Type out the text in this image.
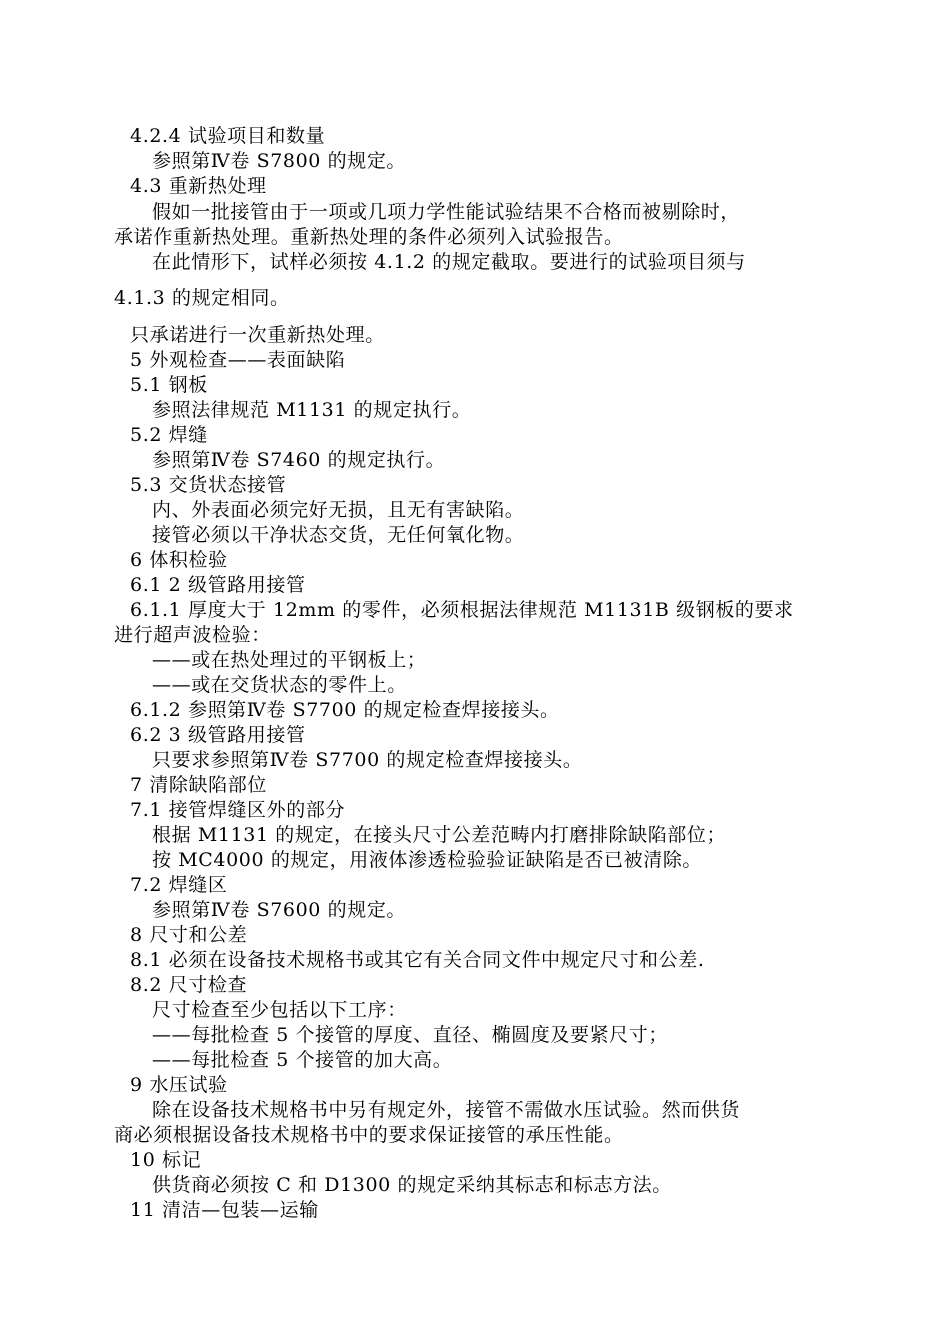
4.2.4 试验项目和数量
参照第Ⅳ卷 S7800 的规定。
4.3 重新热处理
假如一批接管由于一项或几项力学性能试验结果不合格而被剔除时，
承诺作重新热处理。重新热处理的条件必须列入试验报告。
在此情形下，试样必须按 4.1.2 的规定截取。要进行的试验项目须与
4.1.3 的规定相同。
只承诺进行一次重新热处理。
5 外观检查——表面缺陷
5.1 钢板
参照法律规范 M1131 的规定执行。
5.2 焊缝
参照第Ⅳ卷 S7460 的规定执行。
5.3 交货状态接管
内、外表面必须完好无损，且无有害缺陷。
接管必须以干净状态交货，无任何氧化物。
6 体积检验
6.1 2 级管路用接管
6.1.1 厚度大于 12mm 的零件，必须根据法律规范 M1131B 级钢板的要求
进行超声波检验：
——或在热处理过的平钢板上；
——或在交货状态的零件上。
6.1.2 参照第Ⅳ卷 S7700 的规定检查焊接接头。
6.2 3 级管路用接管
只要求参照第Ⅳ卷 S7700 的规定检查焊接接头。
7 清除缺陷部位
7.1 接管焊缝区外的部分
根据 M1131 的规定，在接头尺寸公差范畴内打磨排除缺陷部位；
按 MC4000 的规定，用液体渗透检验验证缺陷是否已被清除。
7.2 焊缝区
参照第Ⅳ卷 S7600 的规定。
8 尺寸和公差
8.1 必须在设备技术规格书或其它有关合同文件中规定尺寸和公差.
8.2 尺寸检查
尺寸检查至少包括以下工序：
——每批检查 5 个接管的厚度、直径、椭圆度及要紧尺寸；
——每批检查 5 个接管的加大高。
9 水压试验
除在设备技术规格书中另有规定外，接管不需做水压试验。然而供货
商必须根据设备技术规格书中的要求保证接管的承压性能。
10 标记
供货商必须按 C 和 D1300 的规定采纳其标志和标志方法。
11 清洁—包装—运输
